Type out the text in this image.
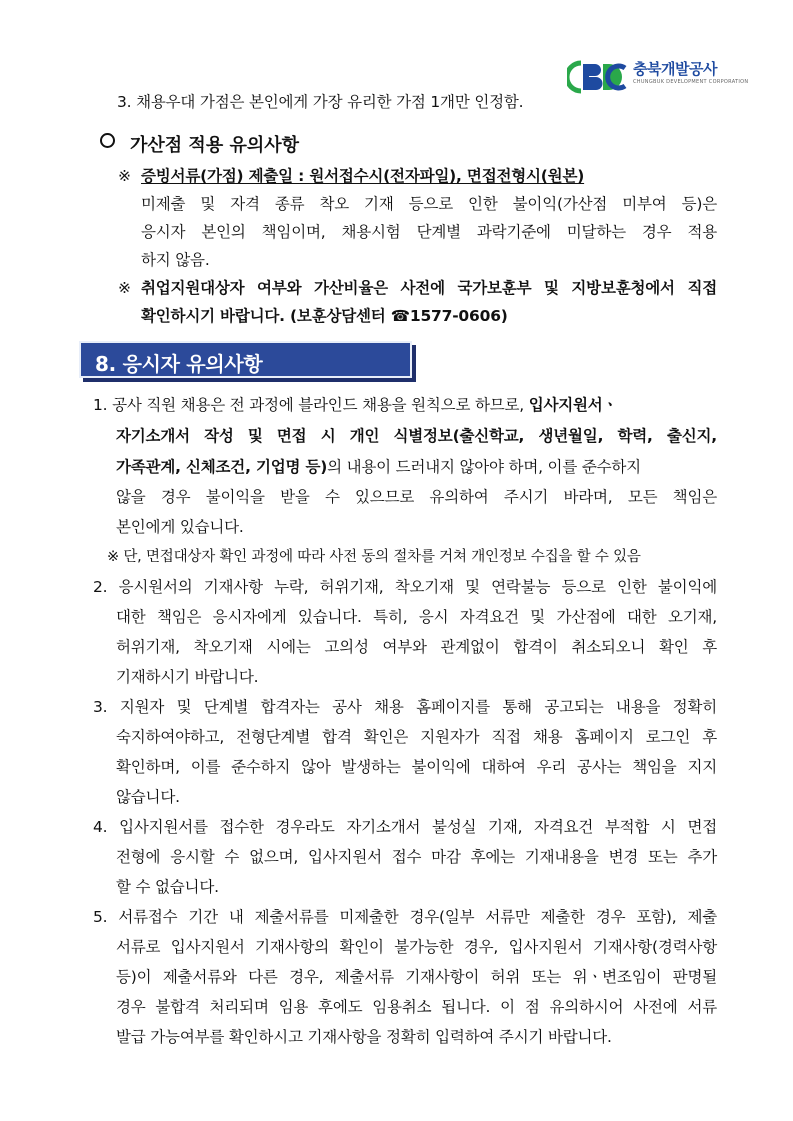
충북개발공사
CHUNGBUK DEVELOPMENT CORPORATION
3. 채용우대 가점은 본인에게 가장 유리한 가점 1개만 인정함.
가산점 적용 유의사항
※ 증빙서류(가점) 제출일 : 원서접수시(전자파일), 면접전형시(원본)
미제출 및 자격 종류 착오 기재 등으로 인한 불이익(가산점 미부여 등)은
응시자 본인의 책임이며, 채용시험 단계별 과락기준에 미달하는 경우 적용
하지 않음.
※ 취업지원대상자 여부와 가산비율은 사전에 국가보훈부 및 지방보훈청에서 직접
확인하시기 바랍니다. (보훈상담센터 ☎1577-0606)
8. 응시자 유의사항
1. 공사 직원 채용은 전 과정에 블라인드 채용을 원칙으로 하므로, 입사지원서ㆍ
자기소개서 작성 및 면접 시 개인 식별정보(출신학교, 생년월일, 학력, 출신지,
가족관계, 신체조건, 기업명 등)의 내용이 드러내지 않아야 하며, 이를 준수하지
않을 경우 불이익을 받을 수 있으므로 유의하여 주시기 바라며, 모든 책임은
본인에게 있습니다.
※ 단, 면접대상자 확인 과정에 따라 사전 동의 절차를 거쳐 개인정보 수집을 할 수 있음
2. 응시원서의 기재사항 누락, 허위기재, 착오기재 및 연락불능 등으로 인한 불이익에
대한 책임은 응시자에게 있습니다. 특히, 응시 자격요건 및 가산점에 대한 오기재,
허위기재, 착오기재 시에는 고의성 여부와 관계없이 합격이 취소되오니 확인 후
기재하시기 바랍니다.
3. 지원자 및 단계별 합격자는 공사 채용 홈페이지를 통해 공고되는 내용을 정확히
숙지하여야하고, 전형단계별 합격 확인은 지원자가 직접 채용 홈페이지 로그인 후
확인하며, 이를 준수하지 않아 발생하는 불이익에 대하여 우리 공사는 책임을 지지
않습니다.
4. 입사지원서를 접수한 경우라도 자기소개서 불성실 기재, 자격요건 부적합 시 면접
전형에 응시할 수 없으며, 입사지원서 접수 마감 후에는 기재내용을 변경 또는 추가
할 수 없습니다.
5. 서류접수 기간 내 제출서류를 미제출한 경우(일부 서류만 제출한 경우 포함), 제출
서류로 입사지원서 기재사항의 확인이 불가능한 경우, 입사지원서 기재사항(경력사항
등)이 제출서류와 다른 경우, 제출서류 기재사항이 허위 또는 위ㆍ변조임이 판명될
경우 불합격 처리되며 임용 후에도 임용취소 됩니다. 이 점 유의하시어 사전에 서류
발급 가능여부를 확인하시고 기재사항을 정확히 입력하여 주시기 바랍니다.
